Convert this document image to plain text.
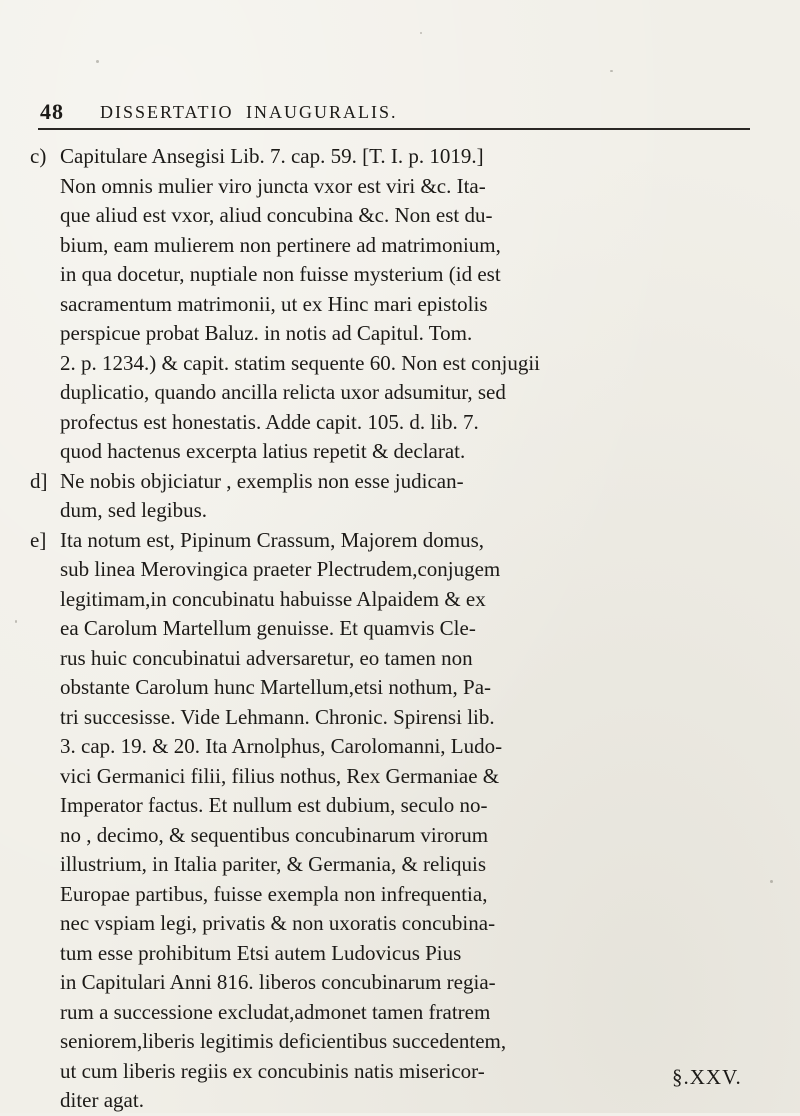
48 DISSERTATIO INAUGURALIS.
c) Capitulare Ansegisi Lib. 7. cap. 59. [T. I. p. 1019.]
Non omnis mulier viro juncta vxor est viri &c. Ita-
que aliud est vxor, aliud concubina &c. Non est du-
bium, eam mulierem non pertinere ad matrimonium,
in qua docetur, nuptiale non fuisse mysterium (id est
sacramentum matrimonii, ut ex Hinc mari epistolis
perspicue probat Baluz. in notis ad Capitul. Tom.
2. p. 1234.) & capit. statim sequente 60. Non est conjugii
duplicatio, quando ancilla relicta uxor adsumitur, sed
profectus est honestatis. Adde capit. 105. d. lib. 7.
quod hactenus excerpta latius repetit & declarat.
d] Ne nobis objiciatur , exemplis non esse judican-
dum, sed legibus.
e] Ita notum est, Pipinum Crassum, Majorem domus,
sub linea Merovingica praeter Plectrudem,conjugem
legitimam,in concubinatu habuisse Alpaidem & ex
ea Carolum Martellum genuisse. Et quamvis Cle-
rus huic concubinatui adversaretur, eo tamen non
obstante Carolum hunc Martellum,etsi nothum, Pa-
tri succesisse. Vide Lehmann. Chronic. Spirensi lib.
3. cap. 19. & 20. Ita Arnolphus, Carolomanni, Ludo-
vici Germanici filii, filius nothus, Rex Germaniae &
Imperator factus. Et nullum est dubium, seculo no-
no , decimo, & sequentibus concubinarum virorum
illustrium, in Italia pariter, & Germania, & reliquis
Europae partibus, fuisse exempla non infrequentia,
nec vspiam legi, privatis & non uxoratis concubina-
tum esse prohibitum Etsi autem Ludovicus Pius
in Capitulari Anni 816. liberos concubinarum regia-
rum a successione excludat,admonet tamen fratrem
seniorem,liberis legitimis deficientibus succedentem,
ut cum liberis regiis ex concubinis natis misericor-
diter agat.
§.XXV.
